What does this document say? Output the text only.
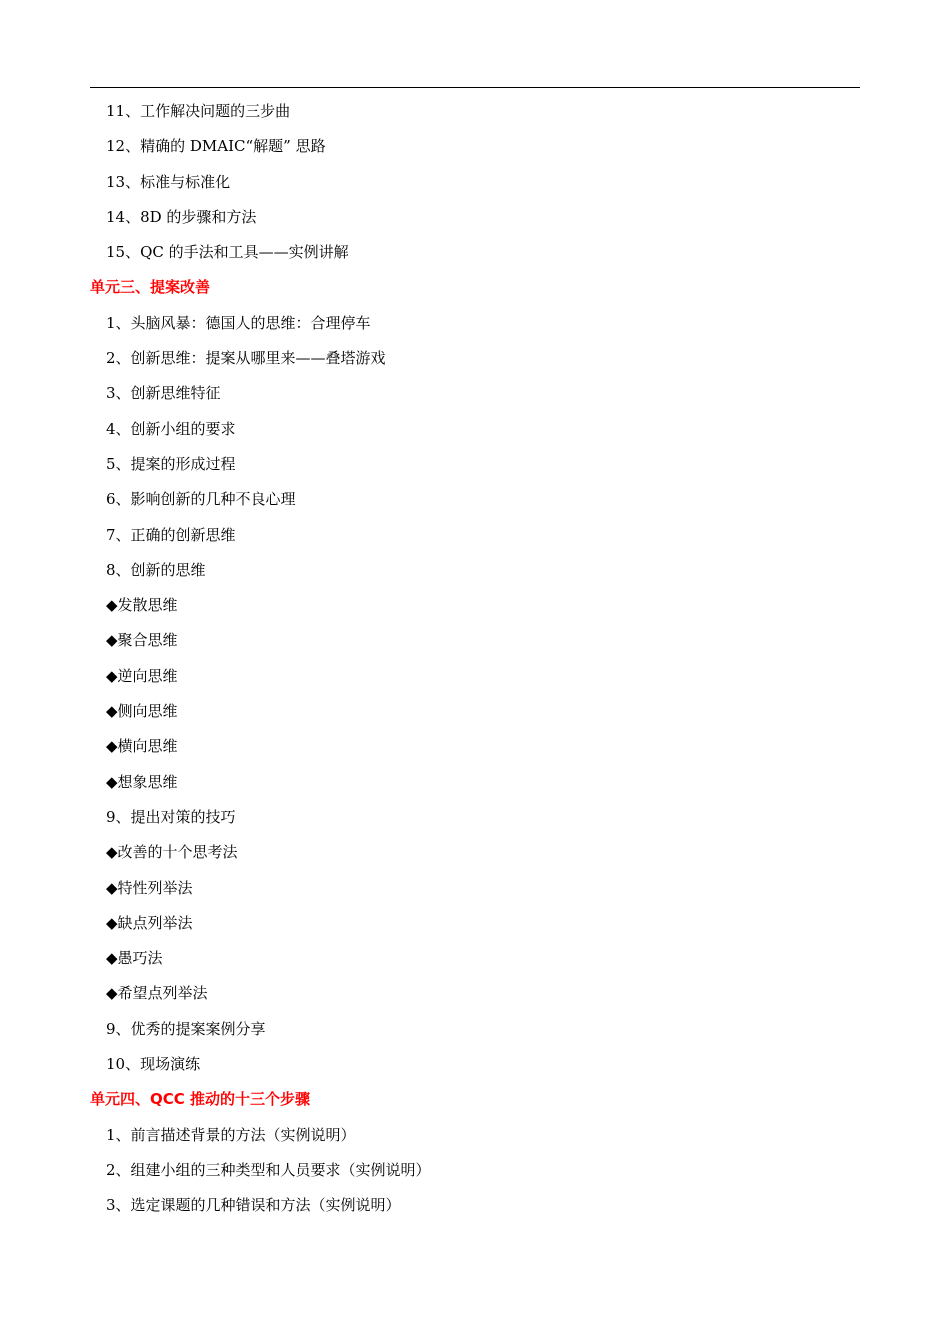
11、工作解决问题的三步曲
12、精确的 DMAIC“解题” 思路
13、标准与标准化
14、8D 的步骤和方法
15、QC 的手法和工具——实例讲解
单元三、提案改善
1、头脑风暴：德国人的思维：合理停车
2、创新思维：提案从哪里来——叠塔游戏
3、创新思维特征
4、创新小组的要求
5、提案的形成过程
6、影响创新的几种不良心理
7、正确的创新思维
8、创新的思维
◆发散思维
◆聚合思维
◆逆向思维
◆侧向思维
◆横向思维
◆想象思维
9、提出对策的技巧
◆改善的十个思考法
◆特性列举法
◆缺点列举法
◆愚巧法
◆希望点列举法
9、优秀的提案案例分享
10、现场演练
单元四、QCC 推动的十三个步骤
1、前言描述背景的方法（实例说明）
2、组建小组的三种类型和人员要求（实例说明）
3、选定课题的几种错误和方法（实例说明）
